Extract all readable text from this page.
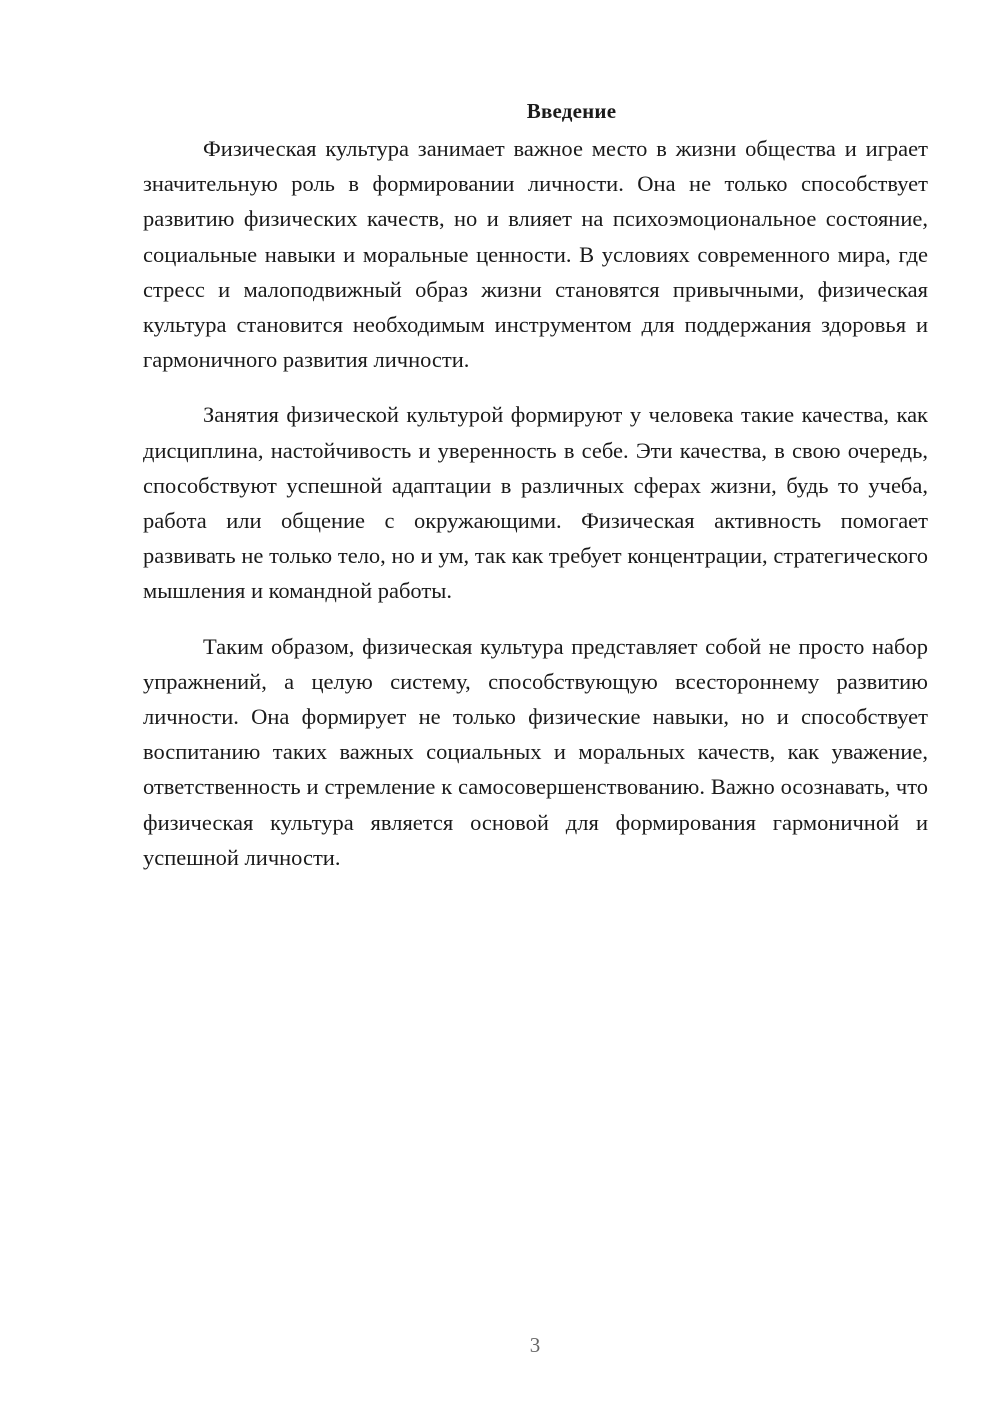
Введение

Физическая культура занимает важное место в жизни общества и играет значительную роль в формировании личности. Она не только способствует развитию физических качеств, но и влияет на психоэмоциональное состояние, социальные навыки и моральные ценности. В условиях современного мира, где стресс и малоподвижный образ жизни становятся привычными, физическая культура становится необходимым инструментом для поддержания здоровья и гармоничного развития личности.

Занятия физической культурой формируют у человека такие качества, как дисциплина, настойчивость и уверенность в себе. Эти качества, в свою очередь, способствуют успешной адаптации в различных сферах жизни, будь то учеба, работа или общение с окружающими. Физическая активность помогает развивать не только тело, но и ум, так как требует концентрации, стратегического мышления и командной работы.

Таким образом, физическая культура представляет собой не просто набор упражнений, а целую систему, способствующую всестороннему развитию личности. Она формирует не только физические навыки, но и способствует воспитанию таких важных социальных и моральных качеств, как уважение, ответственность и стремление к самосовершенствованию. Важно осознавать, что физическая культура является основой для формирования гармоничной и успешной личности.

3
